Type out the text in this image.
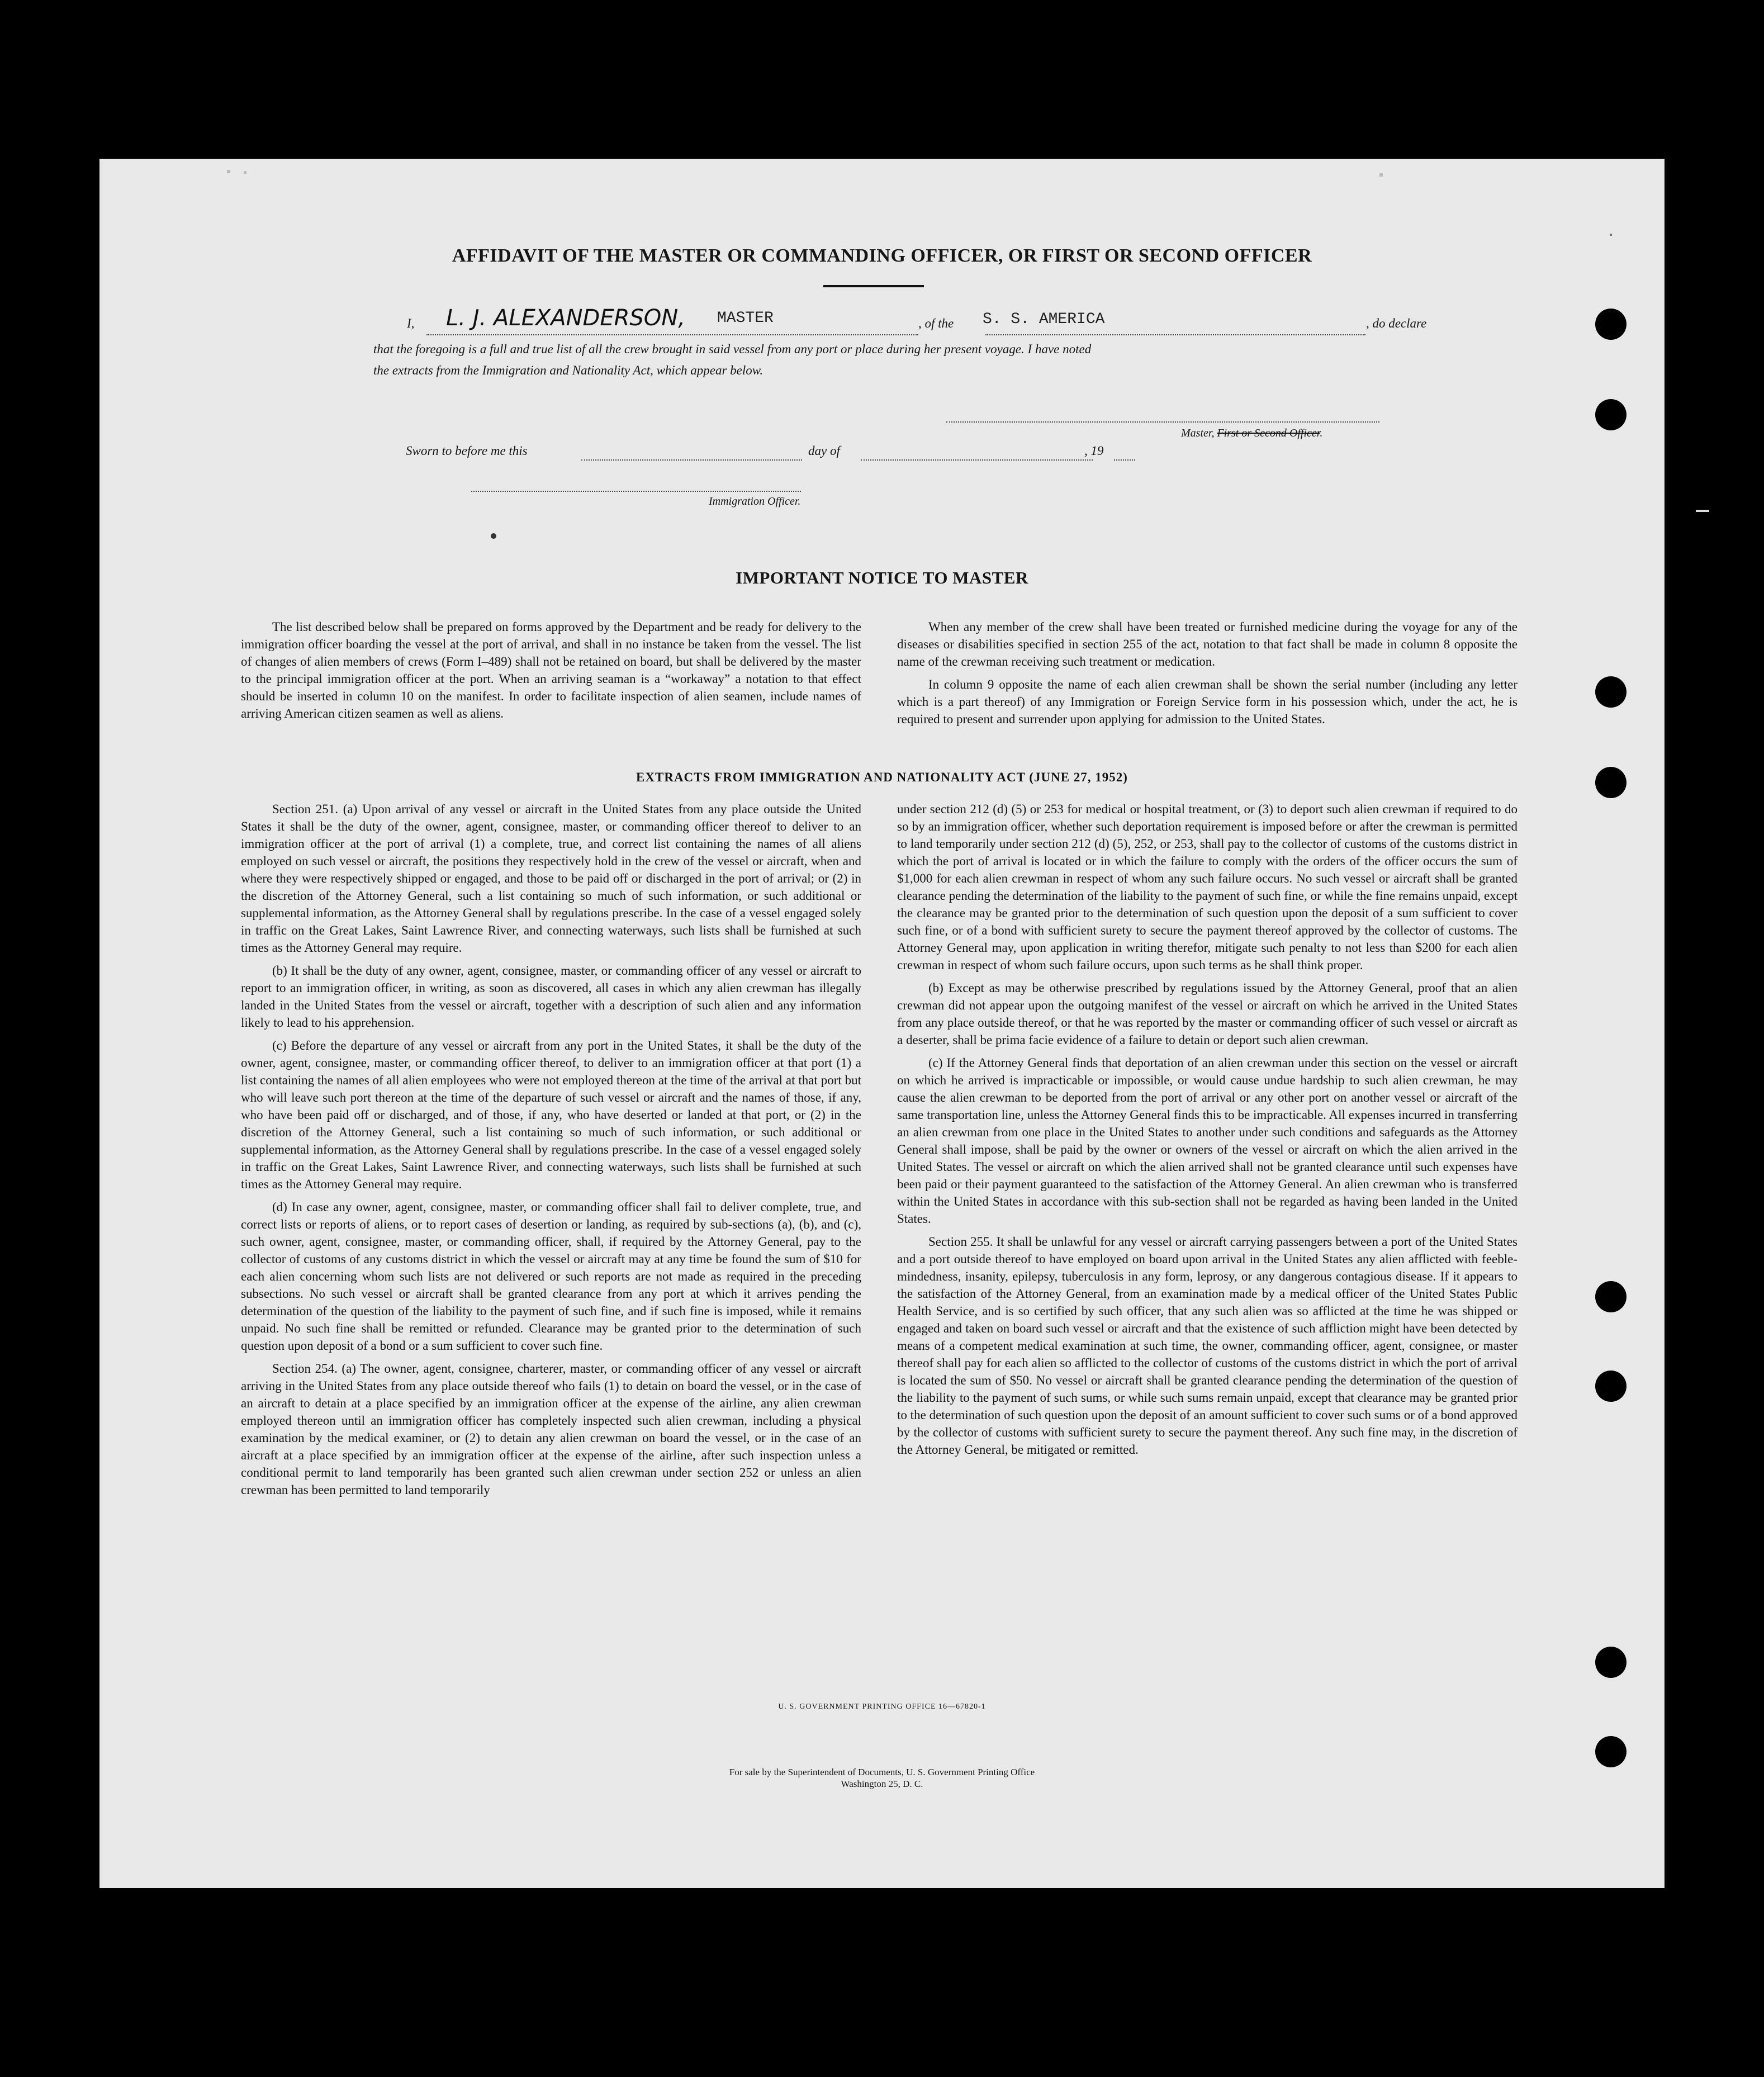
AFFIDAVIT OF THE MASTER OR COMMANDING OFFICER, OR FIRST OR SECOND OFFICER
I, L. J. ALEXANDERSON, MASTER	, of the S. S. AMERICA	, do declare
that the foregoing is a full and true list of all the crew brought in said vessel from any port or place during her present voyage. I have noted
the extracts from the Immigration and Nationality Act, which appear below.
Master, First or Second Officer.
Sworn to before me this	day of	, 19
Immigration Officer.
IMPORTANT NOTICE TO MASTER

The list described below shall be prepared on forms approved by the Department and be ready for delivery to the immigration officer boarding the vessel at the port of arrival, and shall in no instance be taken from the vessel. The list of changes of alien members of crews (Form I–489) shall not be retained on board, but shall be delivered by the master to the principal immigration officer at the port. When an arriving seaman is a “workaway” a notation to that effect should be inserted in column 10 on the manifest. In order to facilitate inspection of alien seamen, include names of arriving American citizen seamen as well as aliens.

When any member of the crew shall have been treated or furnished medicine during the voyage for any of the diseases or disabilities specified in section 255 of the act, notation to that fact shall be made in column 8 opposite the name of the crewman receiving such treatment or medication.

In column 9 opposite the name of each alien crewman shall be shown the serial number (including any letter which is a part thereof) of any Immigration or Foreign Service form in his possession which, under the act, he is required to present and surrender upon applying for admission to the United States.

EXTRACTS FROM IMMIGRATION AND NATIONALITY ACT (JUNE 27, 1952)

Section 251. (a) Upon arrival of any vessel or aircraft in the United States from any place outside the United States it shall be the duty of the owner, agent, consignee, master, or commanding officer thereof to deliver to an immigration officer at the port of arrival (1) a complete, true, and correct list containing the names of all aliens employed on such vessel or aircraft, the positions they respectively hold in the crew of the vessel or aircraft, when and where they were respectively shipped or engaged, and those to be paid off or discharged in the port of arrival; or (2) in the discretion of the Attorney General, such a list containing so much of such information, or such additional or supplemental information, as the Attorney General shall by regulations prescribe. In the case of a vessel engaged solely in traffic on the Great Lakes, Saint Lawrence River, and connecting waterways, such lists shall be furnished at such times as the Attorney General may require.

(b) It shall be the duty of any owner, agent, consignee, master, or commanding officer of any vessel or aircraft to report to an immigration officer, in writing, as soon as discovered, all cases in which any alien crewman has illegally landed in the United States from the vessel or aircraft, together with a description of such alien and any information likely to lead to his apprehension.

(c) Before the departure of any vessel or aircraft from any port in the United States, it shall be the duty of the owner, agent, consignee, master, or commanding officer thereof, to deliver to an immigration officer at that port (1) a list containing the names of all alien employees who were not employed thereon at the time of the arrival at that port but who will leave such port thereon at the time of the departure of such vessel or aircraft and the names of those, if any, who have been paid off or discharged, and of those, if any, who have deserted or landed at that port, or (2) in the discretion of the Attorney General, such a list containing so much of such information, or such additional or supplemental information, as the Attorney General shall by regulations prescribe. In the case of a vessel engaged solely in traffic on the Great Lakes, Saint Lawrence River, and connecting waterways, such lists shall be furnished at such times as the Attorney General may require.

(d) In case any owner, agent, consignee, master, or commanding officer shall fail to deliver complete, true, and correct lists or reports of aliens, or to report cases of desertion or landing, as required by sub-sections (a), (b), and (c), such owner, agent, consignee, master, or commanding officer, shall, if required by the Attorney General, pay to the collector of customs of any customs district in which the vessel or aircraft may at any time be found the sum of $10 for each alien concerning whom such lists are not delivered or such reports are not made as required in the preceding subsections. No such vessel or aircraft shall be granted clearance from any port at which it arrives pending the determination of the question of the liability to the payment of such fine, and if such fine is imposed, while it remains unpaid. No such fine shall be remitted or refunded. Clearance may be granted prior to the determination of such question upon deposit of a bond or a sum sufficient to cover such fine.

Section 254. (a) The owner, agent, consignee, charterer, master, or commanding officer of any vessel or aircraft arriving in the United States from any place outside thereof who fails (1) to detain on board the vessel, or in the case of an aircraft to detain at a place specified by an immigration officer at the expense of the airline, any alien crewman employed thereon until an immigration officer has completely inspected such alien crewman, including a physical examination by the medical examiner, or (2) to detain any alien crewman on board the vessel, or in the case of an aircraft at a place specified by an immigration officer at the expense of the airline, after such inspection unless a conditional permit to land temporarily has been granted such alien crewman under section 252 or unless an alien crewman has been permitted to land temporarily

under section 212 (d) (5) or 253 for medical or hospital treatment, or (3) to deport such alien crewman if required to do so by an immigration officer, whether such deportation requirement is imposed before or after the crewman is permitted to land temporarily under section 212 (d) (5), 252, or 253, shall pay to the collector of customs of the customs district in which the port of arrival is located or in which the failure to comply with the orders of the officer occurs the sum of $1,000 for each alien crewman in respect of whom any such failure occurs. No such vessel or aircraft shall be granted clearance pending the determination of the liability to the payment of such fine, or while the fine remains unpaid, except the clearance may be granted prior to the determination of such question upon the deposit of a sum sufficient to cover such fine, or of a bond with sufficient surety to secure the payment thereof approved by the collector of customs. The Attorney General may, upon application in writing therefor, mitigate such penalty to not less than $200 for each alien crewman in respect of whom such failure occurs, upon such terms as he shall think proper.

(b) Except as may be otherwise prescribed by regulations issued by the Attorney General, proof that an alien crewman did not appear upon the outgoing manifest of the vessel or aircraft on which he arrived in the United States from any place outside thereof, or that he was reported by the master or commanding officer of such vessel or aircraft as a deserter, shall be prima facie evidence of a failure to detain or deport such alien crewman.

(c) If the Attorney General finds that deportation of an alien crewman under this section on the vessel or aircraft on which he arrived is impracticable or impossible, or would cause undue hardship to such alien crewman, he may cause the alien crewman to be deported from the port of arrival or any other port on another vessel or aircraft of the same transportation line, unless the Attorney General finds this to be impracticable. All expenses incurred in transferring an alien crewman from one place in the United States to another under such conditions and safeguards as the Attorney General shall impose, shall be paid by the owner or owners of the vessel or aircraft on which the alien arrived in the United States. The vessel or aircraft on which the alien arrived shall not be granted clearance until such expenses have been paid or their payment guaranteed to the satisfaction of the Attorney General. An alien crewman who is transferred within the United States in accordance with this sub-section shall not be regarded as having been landed in the United States.

Section 255. It shall be unlawful for any vessel or aircraft carrying passengers between a port of the United States and a port outside thereof to have employed on board upon arrival in the United States any alien afflicted with feeble-mindedness, insanity, epilepsy, tuberculosis in any form, leprosy, or any dangerous contagious disease. If it appears to the satisfaction of the Attorney General, from an examination made by a medical officer of the United States Public Health Service, and is so certified by such officer, that any such alien was so afflicted at the time he was shipped or engaged and taken on board such vessel or aircraft and that the existence of such affliction might have been detected by means of a competent medical examination at such time, the owner, commanding officer, agent, consignee, or master thereof shall pay for each alien so afflicted to the collector of customs of the customs district in which the port of arrival is located the sum of $50. No vessel or aircraft shall be granted clearance pending the determination of the question of the liability to the payment of such sums, or while such sums remain unpaid, except that clearance may be granted prior to the determination of such question upon the deposit of an amount sufficient to cover such sums or of a bond approved by the collector of customs with sufficient surety to secure the payment thereof. Any such fine may, in the discretion of the Attorney General, be mitigated or remitted.

U. S. GOVERNMENT PRINTING OFFICE 16—67820-1
For sale by the Superintendent of Documents, U. S. Government Printing Office
Washington 25, D. C.
